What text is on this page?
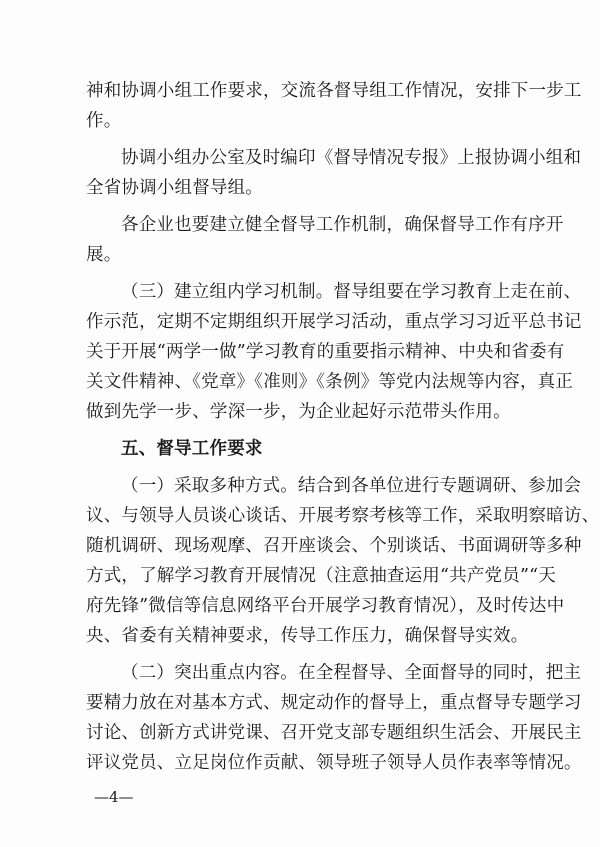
神和协调小组工作要求，交流各督导组工作情况，安排下一步工
作。
协调小组办公室及时编印《督导情况专报》上报协调小组和
全省协调小组督导组。
各企业也要建立健全督导工作机制，确保督导工作有序开
展。
（三）建立组内学习机制。督导组要在学习教育上走在前、
作示范，定期不定期组织开展学习活动，重点学习习近平总书记
关于开展“两学一做”学习教育的重要指示精神、中央和省委有
关文件精神、《党章》《准则》《条例》等党内法规等内容，真正
做到先学一步、学深一步，为企业起好示范带头作用。
五、督导工作要求
（一）采取多种方式。结合到各单位进行专题调研、参加会
议、与领导人员谈心谈话、开展考察考核等工作，采取明察暗访、
随机调研、现场观摩、召开座谈会、个别谈话、书面调研等多种
方式，了解学习教育开展情况（注意抽查运用“共产党员”“天
府先锋”微信等信息网络平台开展学习教育情况），及时传达中
央、省委有关精神要求，传导工作压力，确保督导实效。
（二）突出重点内容。在全程督导、全面督导的同时，把主
要精力放在对基本方式、规定动作的督导上，重点督导专题学习
讨论、创新方式讲党课、召开党支部专题组织生活会、开展民主
评议党员、立足岗位作贡献、领导班子领导人员作表率等情况。
—4—
